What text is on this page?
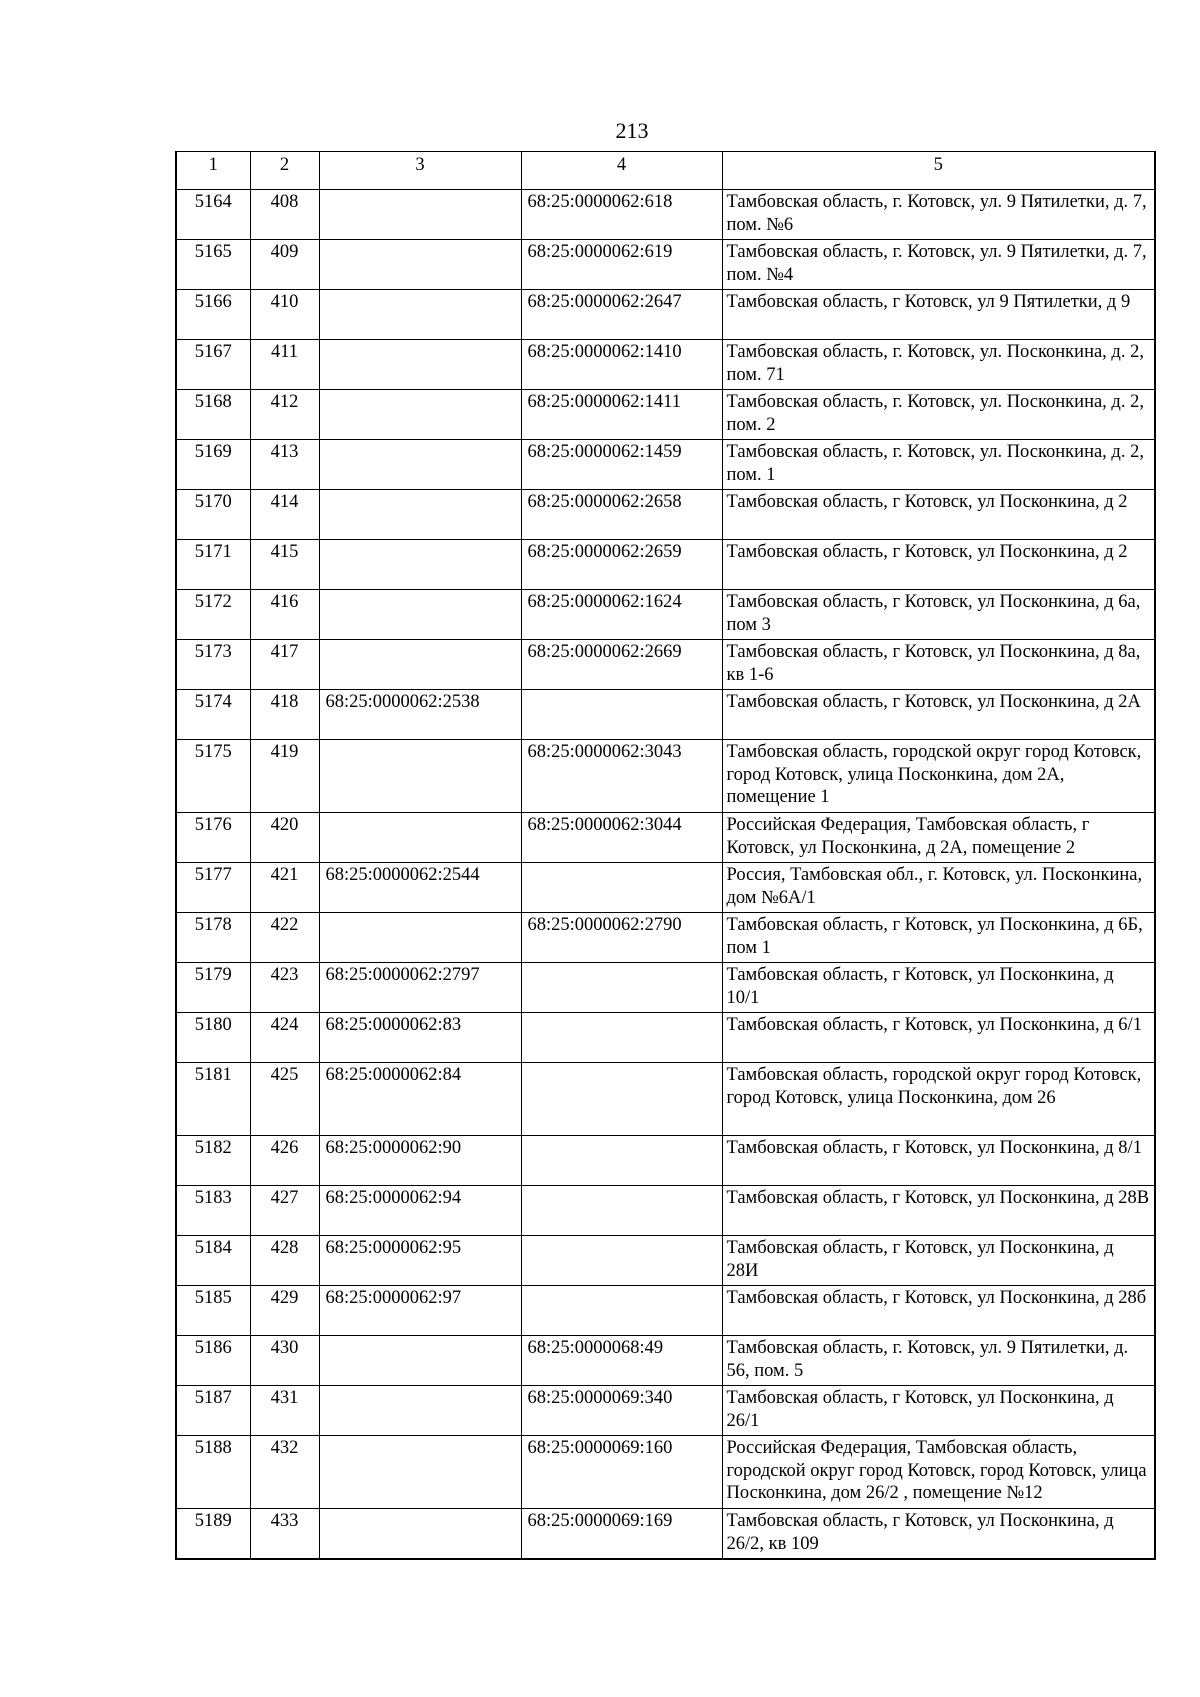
213
1	2	3	4	5
5164	408		68:25:0000062:618	Тамбовская область, г. Котовск, ул. 9 Пятилетки, д. 7, пом. №6
5165	409		68:25:0000062:619	Тамбовская область, г. Котовск, ул. 9 Пятилетки, д. 7, пом. №4
5166	410		68:25:0000062:2647	Тамбовская область, г Котовск, ул 9 Пятилетки, д 9
5167	411		68:25:0000062:1410	Тамбовская область, г. Котовск, ул. Посконкина, д. 2, пом. 71
5168	412		68:25:0000062:1411	Тамбовская область, г. Котовск, ул. Посконкина, д. 2, пом. 2
5169	413		68:25:0000062:1459	Тамбовская область, г. Котовск, ул. Посконкина, д. 2, пом. 1
5170	414		68:25:0000062:2658	Тамбовская область, г Котовск, ул Посконкина, д 2
5171	415		68:25:0000062:2659	Тамбовская область, г Котовск, ул Посконкина, д 2
5172	416		68:25:0000062:1624	Тамбовская область, г Котовск, ул Посконкина, д 6а, пом 3
5173	417		68:25:0000062:2669	Тамбовская область, г Котовск, ул Посконкина, д 8а, кв 1-6
5174	418	68:25:0000062:2538		Тамбовская область, г Котовск, ул Посконкина, д 2А
5175	419		68:25:0000062:3043	Тамбовская область, городской округ город Котовск, город Котовск, улица Посконкина, дом 2А, помещение 1
5176	420		68:25:0000062:3044	Российская Федерация, Тамбовская область, г Котовск, ул Посконкина, д 2А, помещение 2
5177	421	68:25:0000062:2544		Россия, Тамбовская обл., г. Котовск, ул. Посконкина, дом №6А/1
5178	422		68:25:0000062:2790	Тамбовская область, г Котовск, ул Посконкина, д 6Б, пом 1
5179	423	68:25:0000062:2797		Тамбовская область, г Котовск, ул Посконкина, д 10/1
5180	424	68:25:0000062:83		Тамбовская область, г Котовск, ул Посконкина, д 6/1
5181	425	68:25:0000062:84		Тамбовская область, городской округ город Котовск, город Котовск, улица Посконкина, дом 26
5182	426	68:25:0000062:90		Тамбовская область, г Котовск, ул Посконкина, д 8/1
5183	427	68:25:0000062:94		Тамбовская область, г Котовск, ул Посконкина, д 28В
5184	428	68:25:0000062:95		Тамбовская область, г Котовск, ул Посконкина, д 28И
5185	429	68:25:0000062:97		Тамбовская область, г Котовск, ул Посконкина, д 28б
5186	430		68:25:0000068:49	Тамбовская область, г. Котовск, ул. 9 Пятилетки, д. 56, пом. 5
5187	431		68:25:0000069:340	Тамбовская область, г Котовск, ул Посконкина, д 26/1
5188	432		68:25:0000069:160	Российская Федерация, Тамбовская область, городской округ город Котовск, город Котовск, улица Посконкина, дом 26/2 , помещение №12
5189	433		68:25:0000069:169	Тамбовская область, г Котовск, ул Посконкина, д 26/2, кв 109
